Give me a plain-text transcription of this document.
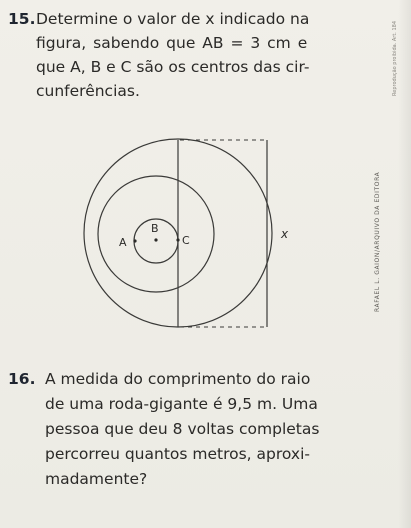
15. Determine o valor de x indicado na
figura, sabendo que AB = 3 cm e
que A, B e C são os centros das cir-
cunferências.
A
B
C	x	RAFAEL L. GAION/ARQUIVO DA EDITORA
Reprodução proibida. Art. 184
16. A medida do comprimento do raio
de uma roda-gigante é 9,5 m. Uma
pessoa que deu 8 voltas completas
percorreu quantos metros, aproxi-
madamente?
